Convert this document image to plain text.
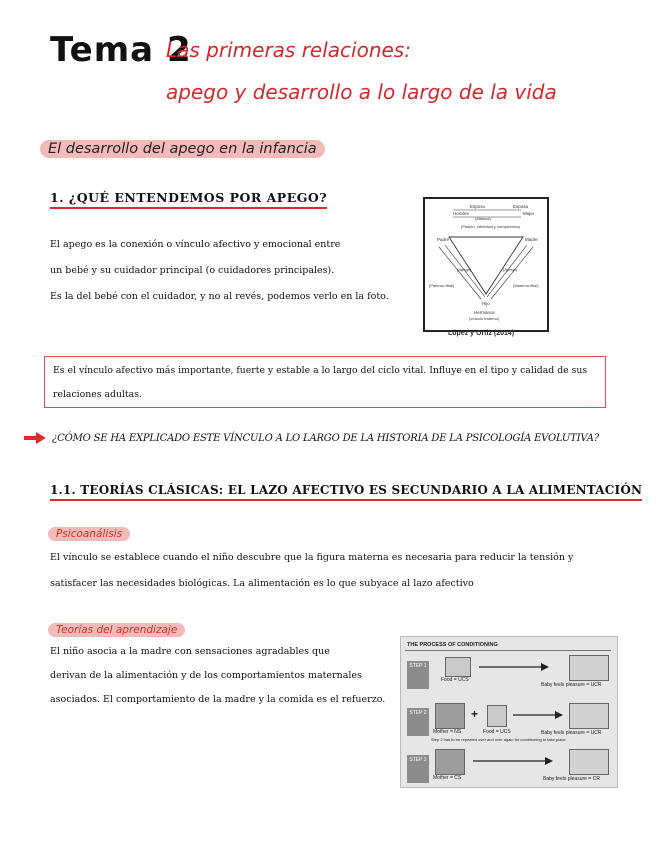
Tema 2
Las primeras relaciones:
apego y desarrollo a lo largo de la vida
El desarrollo del apego en la infancia
1. ¿QUÉ ENTENDEMOS POR APEGO?
El apego es la conexión o vínculo afectivo y emocional entre
un bebé y su cuidador principal (o cuidadores principales).
Es la del bebé con el cuidador, y no al revés, podemos verlo en la foto.
Esposo	Esposa
Hombre	Mujer
(Alianza)
(Pasión, intimidad y compromiso)
Padre	Madre
(Apego)	(Apego)
(Paterno-filial)	(Materno-filial)
Hijo
Hermanos
(vínculo fraterno)
López y Ortiz (2014)
Es el vínculo afectivo más importante, fuerte y estable a lo largo del ciclo vital. Influye en el tipo y calidad de sus
relaciones adultas.
¿CÓMO SE HA EXPLICADO ESTE VÍNCULO A LO LARGO DE LA HISTORIA DE LA PSICOLOGÍA EVOLUTIVA?
1.1. TEORÍAS CLÁSICAS: EL LAZO AFECTIVO ES SECUNDARIO A LA ALIMENTACIÓN
Psicoanálisis
El vínculo se establece cuando el niño descubre que la figura materna es necesaria para reducir la tensión y
satisfacer las necesidades biológicas. La alimentación es lo que subyace al lazo afectivo
Teorías del aprendizaje
El niño asocia a la madre con sensaciones agradables que
derivan de la alimentación y de los comportamientos maternales
asociados. El comportamiento de la madre y la comida es el refuerzo.
THE PROCESS OF CONDITIONING
STEP 1
Food = UCS
Baby feels pleasure = UCR
STEP 2
Mother = NS
+
Food = UCS	Baby feels pleasure = UCR
Step 2 has to be repeated over and over again for conditioning to take place.
STEP 3
Mother = CS	Baby feels pleasure = CR
